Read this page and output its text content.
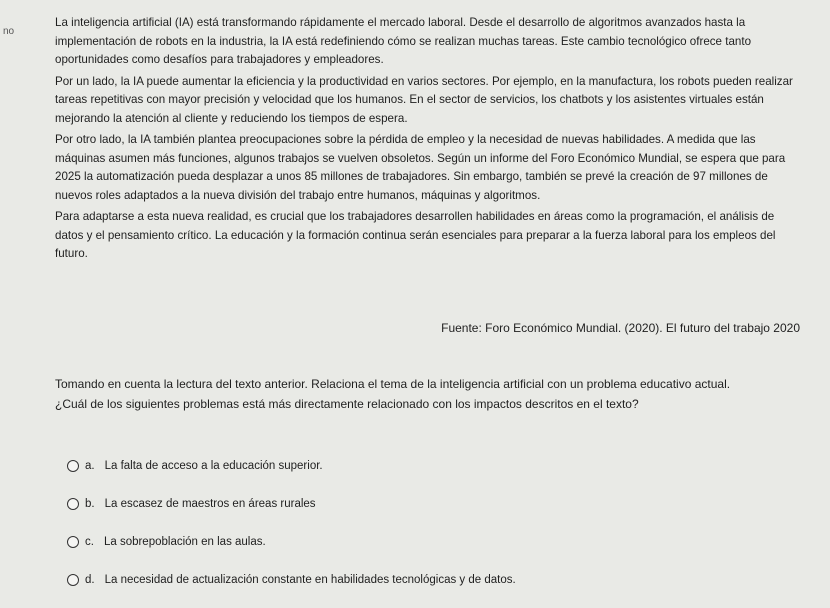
no

La inteligencia artificial (IA) está transformando rápidamente el mercado laboral. Desde el desarrollo de algoritmos avanzados hasta la implementación de robots en la industria, la IA está redefiniendo cómo se realizan muchas tareas. Este cambio tecnológico ofrece tanto oportunidades como desafíos para trabajadores y empleadores.

Por un lado, la IA puede aumentar la eficiencia y la productividad en varios sectores. Por ejemplo, en la manufactura, los robots pueden realizar tareas repetitivas con mayor precisión y velocidad que los humanos. En el sector de servicios, los chatbots y los asistentes virtuales están mejorando la atención al cliente y reduciendo los tiempos de espera.

Por otro lado, la IA también plantea preocupaciones sobre la pérdida de empleo y la necesidad de nuevas habilidades. A medida que las máquinas asumen más funciones, algunos trabajos se vuelven obsoletos. Según un informe del Foro Económico Mundial, se espera que para 2025 la automatización pueda desplazar a unos 85 millones de trabajadores. Sin embargo, también se prevé la creación de 97 millones de nuevos roles adaptados a la nueva división del trabajo entre humanos, máquinas y algoritmos.

Para adaptarse a esta nueva realidad, es crucial que los trabajadores desarrollen habilidades en áreas como la programación, el análisis de datos y el pensamiento crítico. La educación y la formación continua serán esenciales para preparar a la fuerza laboral para los empleos del futuro.

Fuente: Foro Económico Mundial. (2020). El futuro del trabajo 2020

Tomando en cuenta la lectura del texto anterior. Relaciona el tema de la inteligencia artificial con un problema educativo actual.

¿Cuál de los siguientes problemas está más directamente relacionado con los impactos descritos en el texto?

a. La falta de acceso a la educación superior.
b. La escasez de maestros en áreas rurales
c. La sobrepoblación en las aulas.
d. La necesidad de actualización constante en habilidades tecnológicas y de datos.
